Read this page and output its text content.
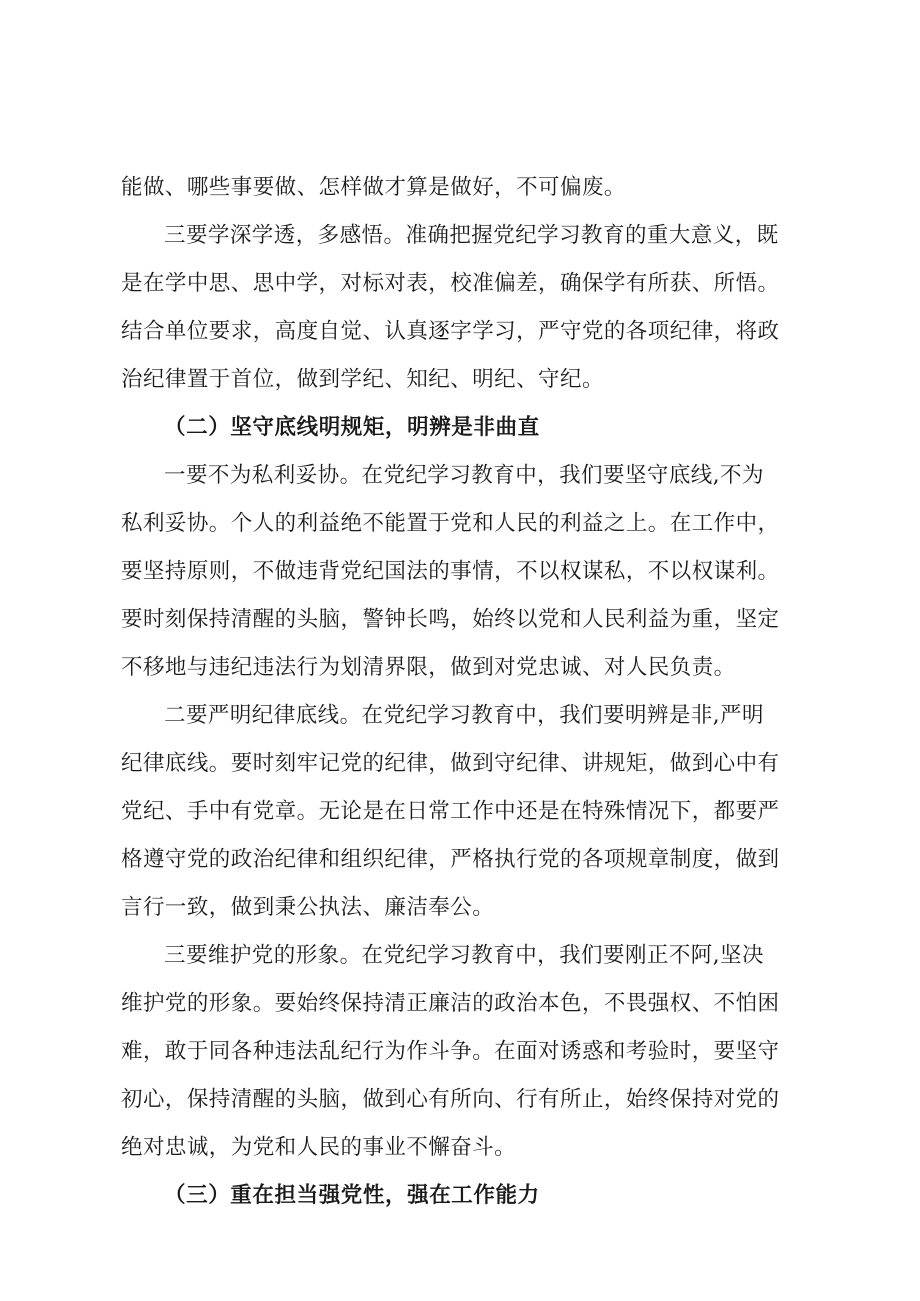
能做、哪些事要做、怎样做才算是做好，不可偏废。
三要学深学透，多感悟。准确把握党纪学习教育的重大意义，既
是在学中思、思中学，对标对表，校准偏差，确保学有所获、所悟。
结合单位要求，高度自觉、认真逐字学习，严守党的各项纪律，将政
治纪律置于首位，做到学纪、知纪、明纪、守纪。
（二）坚守底线明规矩，明辨是非曲直
一要不为私利妥协。在党纪学习教育中，我们要坚守底线,不为
私利妥协。个人的利益绝不能置于党和人民的利益之上。在工作中，
要坚持原则，不做违背党纪国法的事情，不以权谋私，不以权谋利。
要时刻保持清醒的头脑，警钟长鸣，始终以党和人民利益为重，坚定
不移地与违纪违法行为划清界限，做到对党忠诚、对人民负责。
二要严明纪律底线。在党纪学习教育中，我们要明辨是非,严明
纪律底线。要时刻牢记党的纪律，做到守纪律、讲规矩，做到心中有
党纪、手中有党章。无论是在日常工作中还是在特殊情况下，都要严
格遵守党的政治纪律和组织纪律，严格执行党的各项规章制度，做到
言行一致，做到秉公执法、廉洁奉公。
三要维护党的形象。在党纪学习教育中，我们要刚正不阿,坚决
维护党的形象。要始终保持清正廉洁的政治本色，不畏强权、不怕困
难，敢于同各种违法乱纪行为作斗争。在面对诱惑和考验时，要坚守
初心，保持清醒的头脑，做到心有所向、行有所止，始终保持对党的
绝对忠诚，为党和人民的事业不懈奋斗。
（三）重在担当强党性，强在工作能力
